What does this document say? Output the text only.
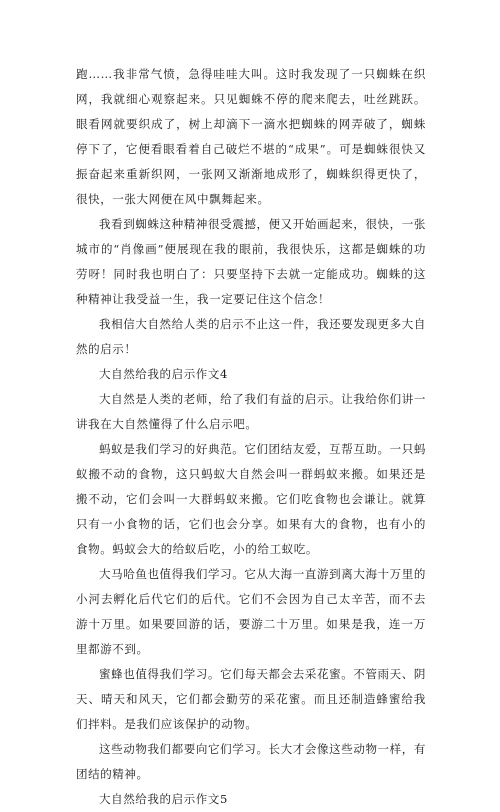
跑……我非常气愤，急得哇哇大叫。这时我发现了一只蜘蛛在织网，我就细心观察起来。只见蜘蛛不停的爬来爬去，吐丝跳跃。眼看网就要织成了，树上却滴下一滴水把蜘蛛的网弄破了，蜘蛛停下了，它便看眼看着自己破烂不堪的“成果”。可是蜘蛛很快又振奋起来重新织网，一张网又渐渐地成形了，蜘蛛织得更快了，很快，一张大网便在风中飘舞起来。

我看到蜘蛛这种精神很受震撼，便又开始画起来，很快，一张城市的“肖像画”便展现在我的眼前，我很快乐，这都是蜘蛛的功劳呀！同时我也明白了：只要坚持下去就一定能成功。蜘蛛的这种精神让我受益一生，我一定要记住这个信念！

我相信大自然给人类的启示不止这一件，我还要发现更多大自然的启示！

大自然给我的启示作文4

大自然是人类的老师，给了我们有益的启示。让我给你们讲一讲我在大自然懂得了什么启示吧。

蚂蚁是我们学习的好典范。它们团结友爱，互帮互助。一只蚂蚁搬不动的食物，这只蚂蚁大自然会叫一群蚂蚁来搬。如果还是搬不动，它们会叫一大群蚂蚁来搬。它们吃食物也会谦让。就算只有一小食物的话，它们也会分享。如果有大的食物，也有小的食物。蚂蚁会大的给蚁后吃，小的给工蚁吃。

大马哈鱼也值得我们学习。它从大海一直游到离大海十万里的小河去孵化后代它们的后代。它们不会因为自己太辛苦，而不去游十万里。如果要回游的话，要游二十万里。如果是我，连一万里都游不到。

蜜蜂也值得我们学习。它们每天都会去采花蜜。不管雨天、阴天、晴天和风天，它们都会勤劳的采花蜜。而且还制造蜂蜜给我们拌料。是我们应该保护的动物。

这些动物我们都要向它们学习。长大才会像这些动物一样，有团结的精神。

大自然给我的启示作文5
